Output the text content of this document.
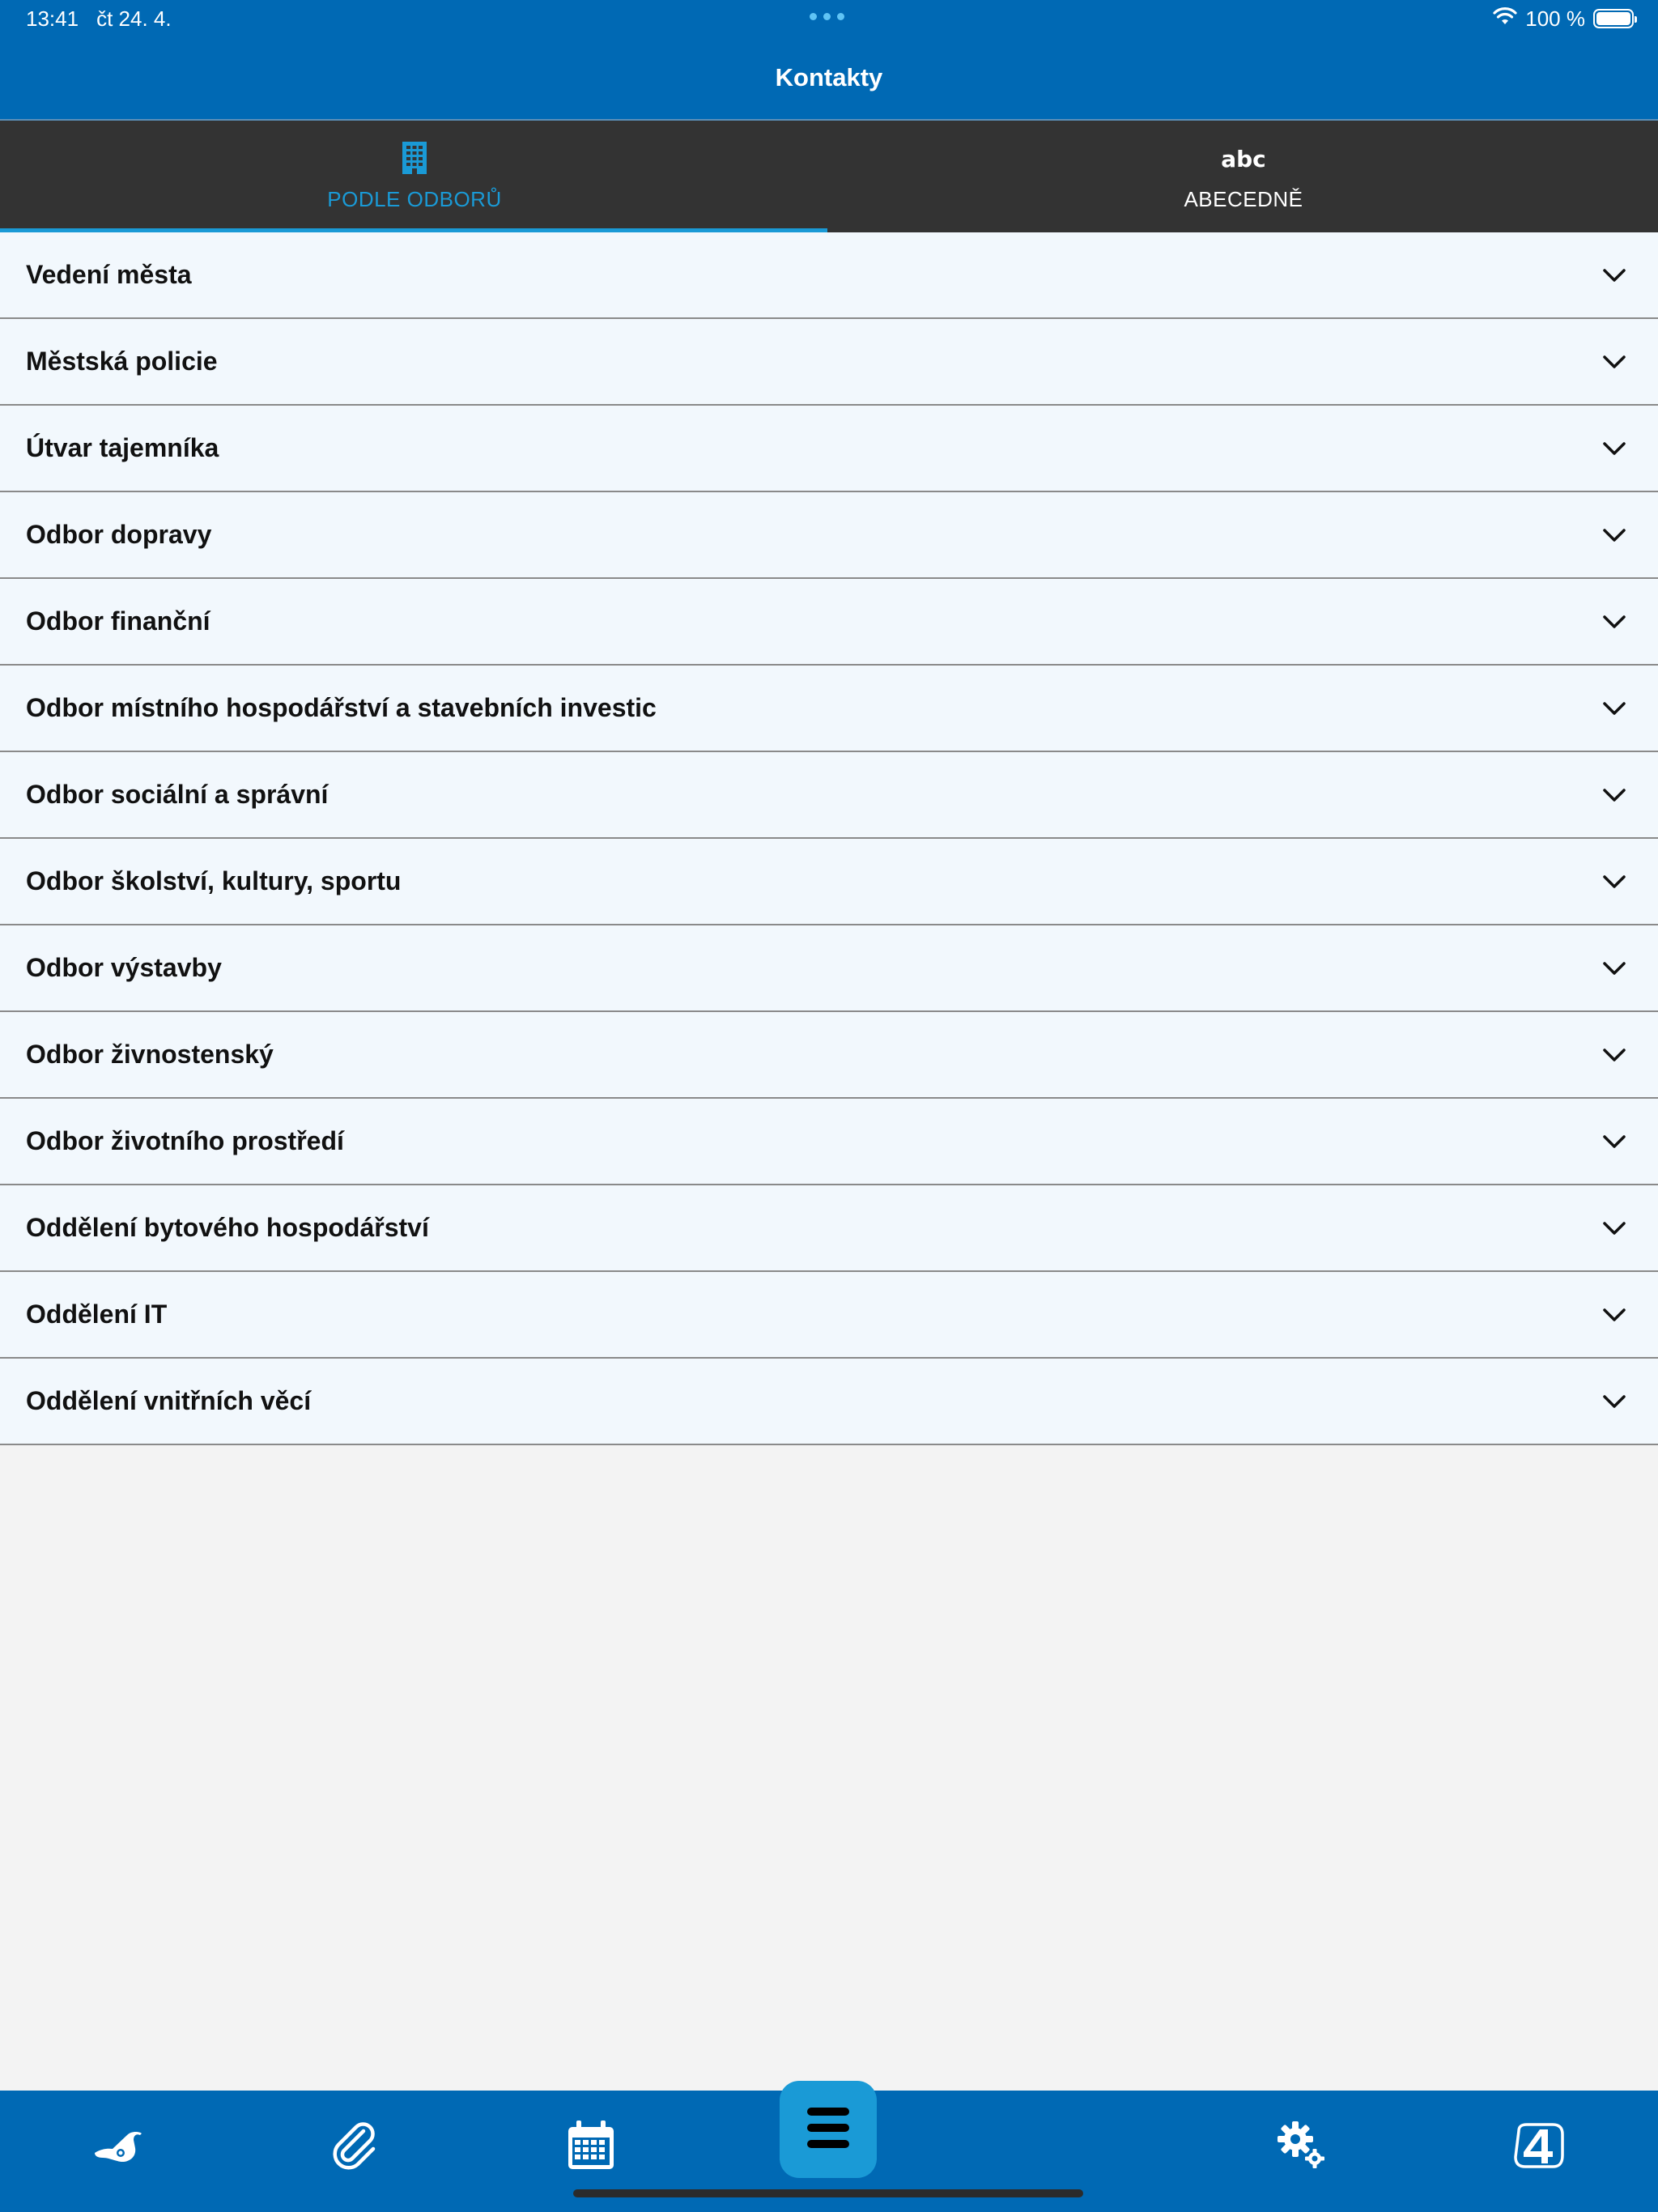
13:41 čt 24. 4.	100 %
Kontakty
PODLE ODBORŮ
abc
ABECEDNĚ
Vedení města
Městská policie
Útvar tajemníka
Odbor dopravy
Odbor finanční
Odbor místního hospodářství a stavebních investic
Odbor sociální a správní
Odbor školství, kultury, sportu
Odbor výstavby
Odbor živnostenský
Odbor životního prostředí
Oddělení bytového hospodářství
Oddělení IT
Oddělení vnitřních věcí
